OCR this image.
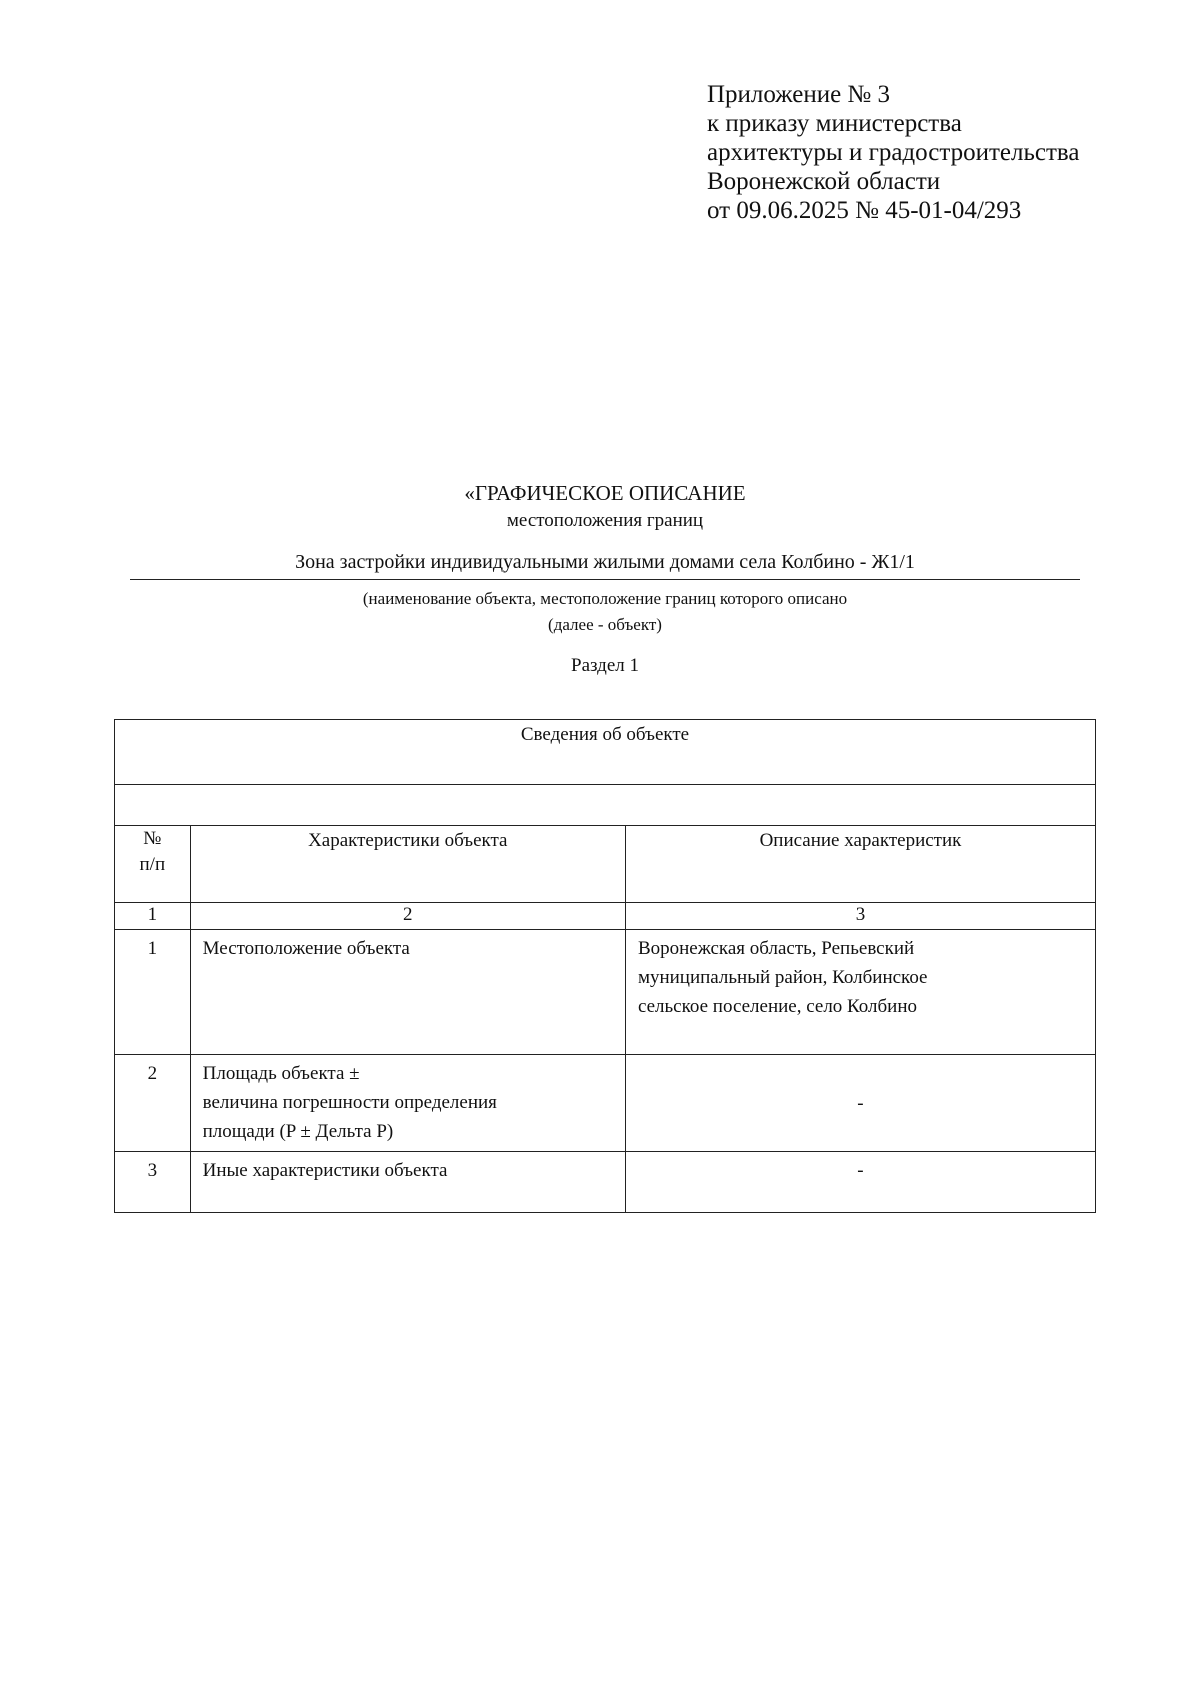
Приложение № 3
к приказу министерства
архитектуры и градостроительства
Воронежской области
от 09.06.2025 № 45-01-04/293
«ГРАФИЧЕСКОЕ ОПИСАНИЕ
местоположения границ
Зона застройки индивидуальными жилыми домами села Колбино - Ж1/1
(наименование объекта, местоположение границ которого описано
(далее - объект)
Раздел 1
Сведения об объекте		

№
п/п	Характеристики объекта	Описание характеристик
1	2	3

1	Местоположение объекта	Воронежская область, Репьевский
муниципальный район, Колбинское
сельское поселение, село Колбино

2	Площадь объекта ±
величина погрешности определения
площади (P ± Дельта P)	-

3	Иные характеристики объекта	-
